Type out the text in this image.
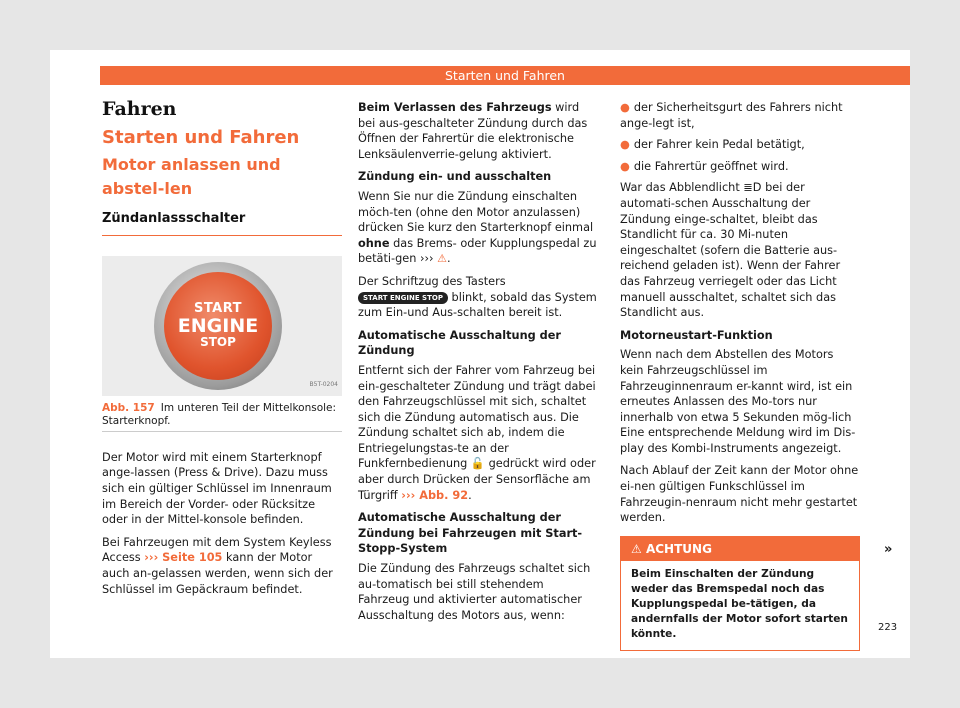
Starten und Fahren
Fahren
Starten und Fahren
Motor anlassen und abstel-len
Zündanlassschalter
START
ENGINE
STOP
B5T-0204
Abb. 157 Im unteren Teil der Mittelkonsole: Starterknopf.

Der Motor wird mit einem Starterknopf ange-lassen (Press & Drive). Dazu muss sich ein gültiger Schlüssel im Innenraum im Bereich der Vorder- oder Rücksitze oder in der Mittel-konsole befinden.

Bei Fahrzeugen mit dem System Keyless Access ››› Seite 105 kann der Motor auch an-gelassen werden, wenn sich der Schlüssel im Gepäckraum befindet.

Beim Verlassen des Fahrzeugs wird bei aus-geschalteter Zündung durch das Öffnen der Fahrertür die elektronische Lenksäulenverrie-gelung aktiviert.

Zündung ein- und ausschalten

Wenn Sie nur die Zündung einschalten möch-ten (ohne den Motor anzulassen) drücken Sie kurz den Starterknopf einmal ohne das Brems- oder Kupplungspedal zu betäti-gen ››› ⚠.

Der Schriftzug des Tasters START ENGINE STOP blinkt, sobald das System zum Ein-und Aus-schalten bereit ist.

Automatische Ausschaltung der Zündung

Entfernt sich der Fahrer vom Fahrzeug bei ein-geschalteter Zündung und trägt dabei den Fahrzeugschlüssel mit sich, schaltet sich die Zündung automatisch aus. Die Zündung schaltet sich ab, indem die Entriegelungstas-te an der Funkfernbedienung 🔓 gedrückt wird oder aber durch Drücken der Sensorfläche am Türgriff ››› Abb. 92.

Automatische Ausschaltung der Zündung bei Fahrzeugen mit Start-Stopp-System

Die Zündung des Fahrzeugs schaltet sich au-tomatisch bei still stehendem Fahrzeug und aktivierter automatischer Ausschaltung des Motors aus, wenn:

● der Sicherheitsgurt des Fahrers nicht ange-legt ist,

● der Fahrer kein Pedal betätigt,

● die Fahrertür geöffnet wird.

War das Abblendlicht ≣D bei der automati-schen Ausschaltung der Zündung einge-schaltet, bleibt das Standlicht für ca. 30 Mi-nuten eingeschaltet (sofern die Batterie aus-reichend geladen ist). Wenn der Fahrer das Fahrzeug verriegelt oder das Licht manuell ausschaltet, schaltet sich das Standlicht aus.

Motorneustart-Funktion

Wenn nach dem Abstellen des Motors kein Fahrzeugschlüssel im Fahrzeuginnenraum er-kannt wird, ist ein erneutes Anlassen des Mo-tors nur innerhalb von etwa 5 Sekunden mög-lich Eine entsprechende Meldung wird im Dis-play des Kombi-Instruments angezeigt.

Nach Ablauf der Zeit kann der Motor ohne ei-nen gültigen Funkschlüssel im Fahrzeugin-nenraum nicht mehr gestartet werden.

⚠ ACHTUNG
Beim Einschalten der Zündung weder das Bremspedal noch das Kupplungspedal be-tätigen, da andernfalls der Motor sofort starten könnte.
»
223
